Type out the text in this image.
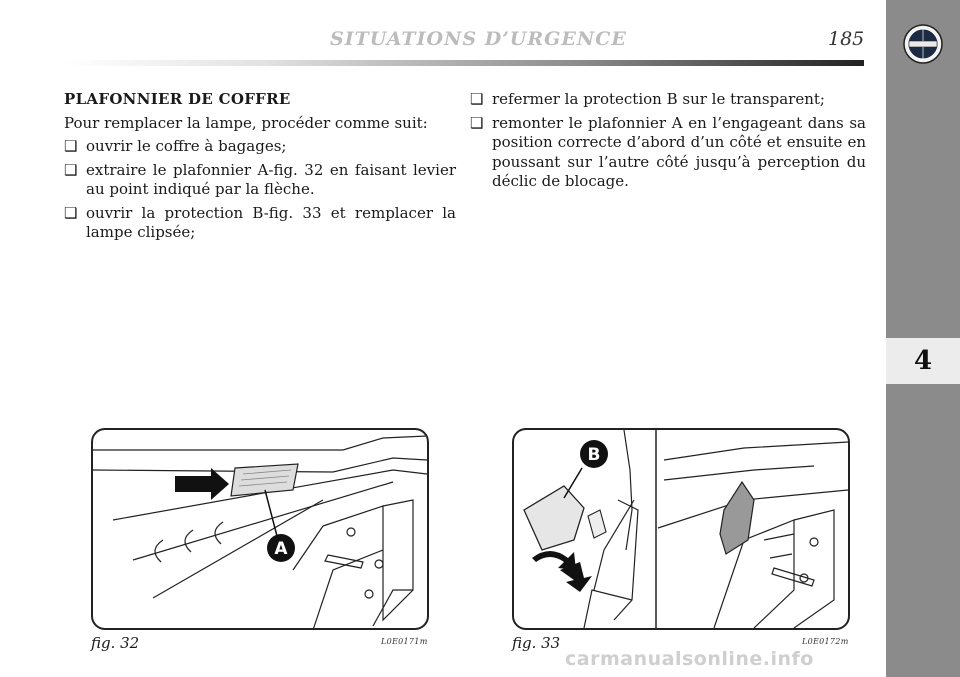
SITUATIONS D’URGENCE	185
4
PLAFONNIER DE COFFRE
Pour remplacer la lampe, procéder comme suit:
❑ ouvrir le coffre à bagages;
❑ extraire le plafonnier A-fig. 32 en faisant levier au point indiqué par la flèche.
❑ ouvrir la protection B-fig. 33 et remplacer la lampe clipsée;
❑ refermer la protection B sur le transparent;
❑ remonter le plafonnier A en l’engageant dans sa position correcte d’abord d’un côté et ensuite en poussant sur l’autre côté jusqu’à perception du déclic de blocage.
A
B
fig. 32	L0E0171m	fig. 33	L0E0172m
carmanualsonline.info
